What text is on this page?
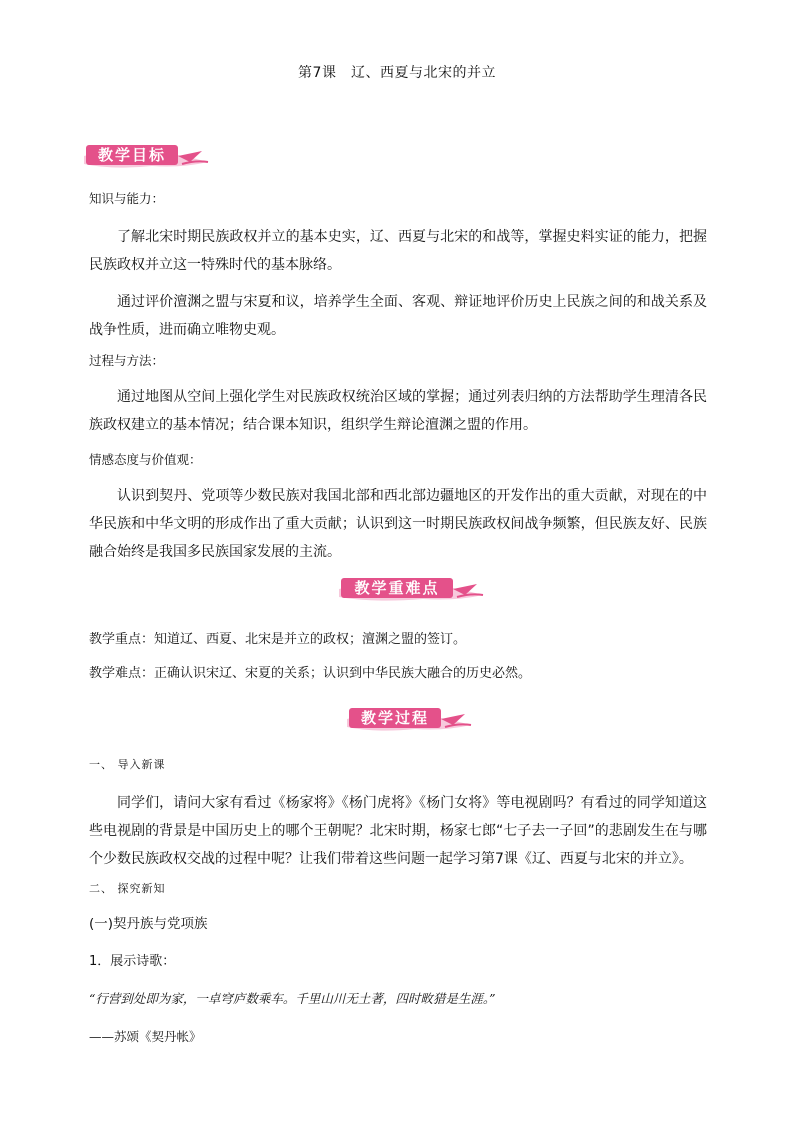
第7课　辽、西夏与北宋的并立
教学目标
知识与能力：
了解北宋时期民族政权并立的基本史实，辽、西夏与北宋的和战等，掌握史料实证的能力，把握民族政权并立这一特殊时代的基本脉络。
通过评价澶渊之盟与宋夏和议，培养学生全面、客观、辩证地评价历史上民族之间的和战关系及战争性质，进而确立唯物史观。
过程与方法：
通过地图从空间上强化学生对民族政权统治区域的掌握；通过列表归纳的方法帮助学生理清各民族政权建立的基本情况；结合课本知识，组织学生辩论澶渊之盟的作用。
情感态度与价值观：
认识到契丹、党项等少数民族对我国北部和西北部边疆地区的开发作出的重大贡献，对现在的中华民族和中华文明的形成作出了重大贡献；认识到这一时期民族政权间战争频繁，但民族友好、民族融合始终是我国多民族国家发展的主流。
教学重难点
教学重点：知道辽、西夏、北宋是并立的政权；澶渊之盟的签订。
教学难点：正确认识宋辽、宋夏的关系；认识到中华民族大融合的历史必然。
教学过程
一、 导入新课
同学们，请问大家有看过《杨家将》《杨门虎将》《杨门女将》等电视剧吗？有看过的同学知道这些电视剧的背景是中国历史上的哪个王朝呢？北宋时期，杨家七郎“七子去一子回”的悲剧发生在与哪个少数民族政权交战的过程中呢？让我们带着这些问题一起学习第7课《辽、西夏与北宋的并立》。
二、 探究新知
(一)契丹族与党项族
1．展示诗歌：
“行营到处即为家，一卓穹庐数乘车。千里山川无土著，四时畋猎是生涯。”
——苏颂《契丹帐》
